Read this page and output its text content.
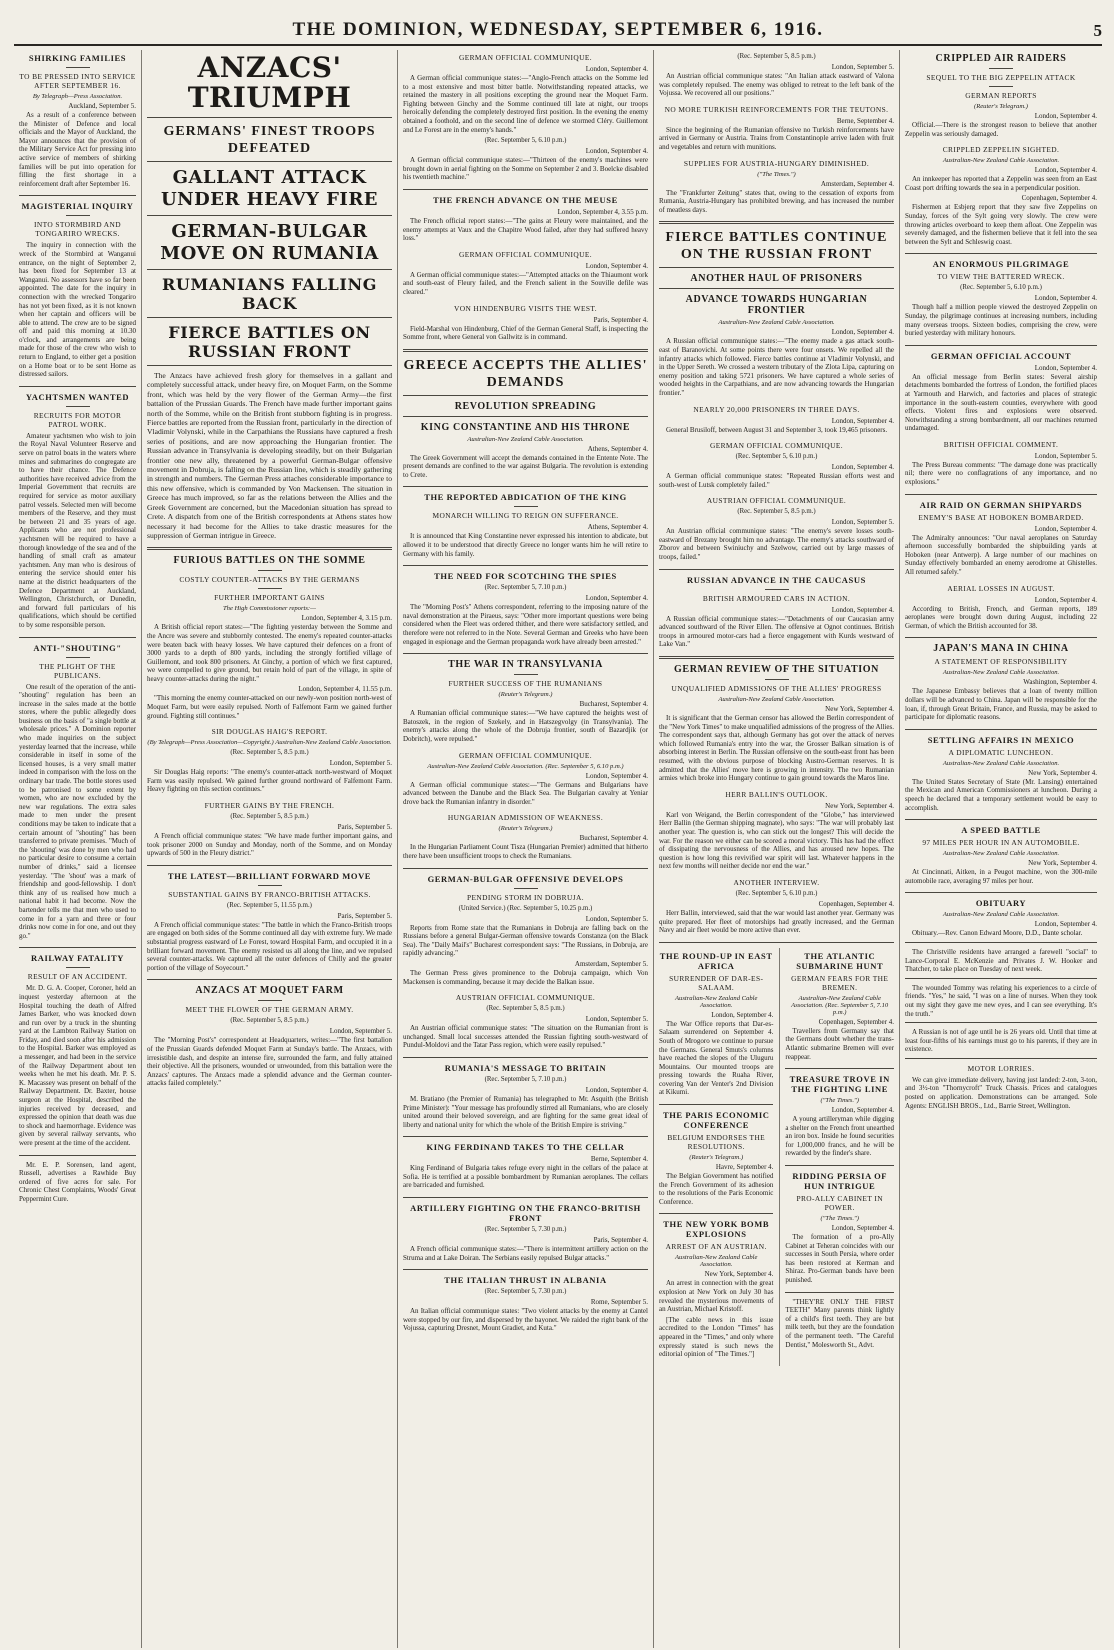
THE DOMINION, WEDNESDAY, SEPTEMBER 6, 1916.	5
SHIRKING FAMILIES
TO BE PRESSED INTO SERVICE AFTER SEPTEMBER 16.
By Telegraph—Press Association.
Auckland, September 5.

As a result of a conference between the Minister of Defence and local officials and the Mayor of Auckland, the Mayor announces that the provision of the Military Service Act for pressing into active service of members of shirking families will be put into operation for filling the first shortage in a reinforcement draft after September 16.

MAGISTERIAL INQUIRY
INTO STORMBIRD AND TONGARIRO WRECKS.

The inquiry in connection with the wreck of the Stormbird at Wanganui entrance, on the night of September 2, has been fixed for September 13 at Wanganui. No assessors have so far been appointed. The date for the inquiry in connection with the wrecked Tongariro has not yet been fixed, as it is not known when her captain and officers will be able to attend. The crew are to be signed off and paid this morning at 10.30 o'clock, and arrangements are being made for those of the crew who wish to return to England, to either get a position on a Home boat or to be sent Home as distressed sailors.

YACHTSMEN WANTED
RECRUITS FOR MOTOR PATROL WORK.

Amateur yachtsmen who wish to join the Royal Naval Volunteer Reserve and serve on patrol boats in the waters where mines and submarines do congregate are to have their chance. The Defence authorities have received advice from the Imperial Government that recruits are required for service as motor auxiliary patrol vessels. Selected men will become members of the Reserve, and they must be between 21 and 35 years of age. Applicants who are not professional yachtsmen will be required to have a thorough knowledge of the sea and of the handling of small craft as amateur yachtsmen. Any man who is desirous of entering the service should enter his name at the district headquarters of the Defence Department at Auckland, Wellington, Christchurch, or Dunedin, and forward full particulars of his qualifications, which should be certified to by some responsible person.

ANTI-"SHOUTING"
THE PLIGHT OF THE PUBLICANS.

One result of the operation of the anti-"shouting" regulation has been an increase in the sales made at the bottle stores, where the public allegedly does business on the basis of "a single bottle at wholesale prices." A Dominion reporter who made inquiries on the subject yesterday learned that the increase, while considerable in itself in some of the licensed houses, is a very small matter indeed in comparison with the loss on the ordinary bar trade. The bottle stores used to be patronised to some extent by women, who are now excluded by the new war regulations. The extra sales made to men under the present conditions may be taken to indicate that a certain amount of "shouting" has been transferred to private premises. "Much of the 'shouting' was done by men who had no particular desire to consume a certain number of drinks," said a licensee yesterday. "The 'shout' was a mark of friendship and good-fellowship. I don't think any of us realised how much a national habit it had become. Now the bartender tells me that men who used to come in for a yarn and three or four drinks now come in for one, and out they go."

RAILWAY FATALITY
RESULT OF AN ACCIDENT.

Mr. D. G. A. Cooper, Coroner, held an inquest yesterday afternoon at the Hospital touching the death of Alfred James Barker, who was knocked down and run over by a truck in the shunting yard at the Lambton Railway Station on Friday, and died soon after his admission to the Hospital. Barker was employed as a messenger, and had been in the service of the Railway Department about ten weeks when he met his death. Mr. P. S. K. Macassey was present on behalf of the Railway Department. Dr. Baxter, house surgeon at the Hospital, described the injuries received by deceased, and expressed the opinion that death was due to shock and haemorrhage. Evidence was given by several railway servants, who were present at the time of the accident.

Mr. E. P. Sorensen, land agent, Russell, advertises a Rawhide Buy ordered of five acres for sale. For Chronic Chest Complaints, Woods' Great Peppermint Cure.

ANZACS' TRIUMPH
GERMANS' FINEST TROOPS DEFEATED
GALLANT ATTACK UNDER HEAVY FIRE
GERMAN-BULGAR MOVE ON RUMANIA
RUMANIANS FALLING BACK
FIERCE BATTLES ON RUSSIAN FRONT

The Anzacs have achieved fresh glory for themselves in a gallant and completely successful attack, under heavy fire, on Moquet Farm, on the Somme front, which was held by the very flower of the German Army—the first battalion of the Prussian Guards. The French have made further important gains north of the Somme, while on the British front stubborn fighting is in progress. Fierce battles are reported from the Russian front, particularly in the direction of Vladimir Volynski, while in the Carpathians the Russians have captured a fresh series of positions, and are now approaching the Hungarian frontier. The Russian advance in Transylvania is developing steadily, but on their Bulgarian frontier one new ally, threatened by a powerful German-Bulgar offensive movement in Dobruja, is falling on the Russian line, which is steadily gathering in strength and numbers. The German Press attaches considerable importance to this new offensive, which is commanded by Von Mackensen. The situation in Greece has much improved, so far as the relations between the Allies and the Greek Government are concerned, but the Macedonian situation has spread to Crete. A dispatch from one of the British correspondents at Athens states how necessary it had become for the Allies to take drastic measures for the suppression of German intrigue in Greece.

FURIOUS BATTLES ON THE SOMME
COSTLY COUNTER-ATTACKS BY THE GERMANS
FURTHER IMPORTANT GAINS
The High Commissioner reports:—
London, September 4, 3.15 p.m.

A British official report states:—"The fighting yesterday between the Somme and the Ancre was severe and stubbornly contested. The enemy's repeated counter-attacks were beaten back with heavy losses. We have captured their defences on a front of 3000 yards to a depth of 800 yards, including the strongly fortified village of Guillemont, and took 800 prisoners. At Ginchy, a portion of which we first captured, we were compelled to give ground, but retain hold of part of the village, in spite of heavy counter-attacks during the night."

London, September 4, 11.55 p.m.

"This morning the enemy counter-attacked on our newly-won position north-west of Moquet Farm, but were easily repulsed. North of Falfemont Farm we gained further ground. Fighting still continues."

SIR DOUGLAS HAIG'S REPORT.
(By Telegraph—Press Association—Copyright.) Australian-New Zealand Cable Association.
(Rec. September 5, 8.5 p.m.)
London, September 5.

Sir Douglas Haig reports: "The enemy's counter-attack north-westward of Moquet Farm was easily repulsed. We gained further ground northward of Falfemont Farm. Heavy fighting on this section continues."

FURTHER GAINS BY THE FRENCH.
(Rec. September 5, 8.5 p.m.)
Paris, September 5.

A French official communique states: "We have made further important gains, and took prisoner 2000 on Sunday and Monday, north of the Somme, and on Monday upwards of 500 in the Fleury district."

THE LATEST—BRILLIANT FORWARD MOVE
SUBSTANTIAL GAINS BY FRANCO-BRITISH ATTACKS.
(Rec. September 5, 11.55 p.m.)
Paris, September 5.

A French official communique states: "The battle in which the Franco-British troops are engaged on both sides of the Somme continued all day with extreme fury. We made substantial progress eastward of Le Forest, toward Hospital Farm, and occupied it in a brilliant forward movement. The enemy resisted us all along the line, and we repulsed several counter-attacks. We captured all the outer defences of Chilly and the greater portion of the village of Soyecourt."

ANZACS AT MOQUET FARM
MEET THE FLOWER OF THE GERMAN ARMY.
(Rec. September 5, 8.5 p.m.)
London, September 5.

The "Morning Post's" correspondent at Headquarters, writes:—"The first battalion of the Prussian Guards defended Moquet Farm at Sunday's battle. The Anzacs, with irresistible dash, and despite an intense fire, surrounded the farm, and fully attained their objective. All the prisoners, wounded or unwounded, from this battalion were the Anzacs' captures. The Anzacs made a splendid advance and the German counter-attacks failed completely."

GERMAN OFFICIAL COMMUNIQUE.
London, September 4.

A German official communique states:—"Anglo-French attacks on the Somme led to a most extensive and most bitter battle. Notwithstanding repeated attacks, we retained the mastery in all positions excepting the ground near the Moquet Farm. Fighting between Ginchy and the Somme continued till late at night, our troops heroically defending the completely destroyed first position. In the evening the enemy obtained a foothold, and on the second line of defence we stormed Cléry. Guillemont and Le Forest are in the enemy's hands."

(Rec. September 5, 6.10 p.m.)
London, September 4.

A German official communique states:—"Thirteen of the enemy's machines were brought down in aerial fighting on the Somme on September 2 and 3. Boelcke disabled his twentieth machine."

THE FRENCH ADVANCE ON THE MEUSE
London, September 4, 3.55 p.m.

The French official report states:—"The gains at Fleury were maintained, and the enemy attempts at Vaux and the Chapitre Wood failed, after they had suffered heavy loss."

GERMAN OFFICIAL COMMUNIQUE.
London, September 4.

A German official communique states:—"Attempted attacks on the Thiaumont work and south-east of Fleury failed, and the French salient in the Souville defile was cleared."

VON HINDENBURG VISITS THE WEST.
Paris, September 4.

Field-Marshal von Hindenburg, Chief of the German General Staff, is inspecting the Somme front, where General von Gallwitz is in command.

GREECE ACCEPTS THE ALLIES' DEMANDS
REVOLUTION SPREADING
KING CONSTANTINE AND HIS THRONE
Australian-New Zealand Cable Association.
Athens, September 4.

The Greek Government will accept the demands contained in the Entente Note. The present demands are confined to the war against Bulgaria. The revolution is extending to Crete.

THE REPORTED ABDICATION OF THE KING
MONARCH WILLING TO REIGN ON SUFFERANCE.
Athens, September 4.

It is announced that King Constantine never expressed his intention to abdicate, but allowed it to be understood that directly Greece no longer wants him he will retire to Germany with his family.

THE NEED FOR SCOTCHING THE SPIES
(Rec. September 5, 7.10 p.m.)
London, September 4.

The "Morning Post's" Athens correspondent, referring to the imposing nature of the naval demonstration at the Piraeus, says: "Other more important questions were being considered when the Fleet was ordered thither, and there were satisfactory settled, and therefore were not referred to in the Note. Several German and Greeks who have been engaged in espionage and the German propaganda work have already been arrested."

THE WAR IN TRANSYLVANIA
FURTHER SUCCESS OF THE RUMANIANS
(Reuter's Telegram.)
Bucharest, September 4.

A Rumanian official communique states:—"We have captured the heights west of Batoszek, in the region of Szekely, and in Hatszegvolgy (in Transylvania). The enemy's attacks along the whole of the Dobruja frontier, south of Bazardjik (or Dobritch), were repulsed."

GERMAN OFFICIAL COMMUNIQUE.
Australian-New Zealand Cable Association. (Rec. September 5, 6.10 p.m.)
London, September 4.

A German official communique states:—"The Germans and Bulgarians have advanced between the Danube and the Black Sea. The Bulgarian cavalry at Yeniar drove back the Rumanian infantry in disorder."

HUNGARIAN ADMISSION OF WEAKNESS.
(Reuter's Telegram.)
Bucharest, September 4.

In the Hungarian Parliament Count Tisza (Hungarian Premier) admitted that hitherto there have been unsufficient troops to check the Rumanians.

GERMAN-BULGAR OFFENSIVE DEVELOPS
PENDING STORM IN DOBRUJA.
(United Service.) (Rec. September 5, 10.25 p.m.)
London, September 5.

Reports from Rome state that the Rumanians in Dobruja are falling back on the Russians before a general Bulgar-German offensive towards Constanza (on the Black Sea). The "Daily Mail's" Bucharest correspondent says: "The Russians, in Dobruja, are rapidly advancing."

Amsterdam, September 5.

The German Press gives prominence to the Dobruja campaign, which Von Mackensen is commanding, because it may decide the Balkan issue.

AUSTRIAN OFFICIAL COMMUNIQUE.
(Rec. September 5, 8.5 p.m.)
London, September 5.

An Austrian official communique states: "The situation on the Rumanian front is unchanged. Small local successes attended the Russian fighting south-westward of Pundul-Moldovi and the Tatar Pass region, which were easily repulsed."

RUMANIA'S MESSAGE TO BRITAIN
(Rec. September 5, 7.10 p.m.)
London, September 4.

M. Bratiano (the Premier of Rumania) has telegraphed to Mr. Asquith (the British Prime Minister): "Your message has profoundly stirred all Rumanians, who are closely united around their beloved sovereign, and are fighting for the same great ideal of liberty and national unity for which the whole of the British Empire is striving."

KING FERDINAND TAKES TO THE CELLAR
Berne, September 4.

King Ferdinand of Bulgaria takes refuge every night in the cellars of the palace at Sofia. He is terrified at a possible bombardment by Rumanian aeroplanes. The cellars are barricaded and furnished.

ARTILLERY FIGHTING ON THE FRANCO-BRITISH FRONT
(Rec. September 5, 7.30 p.m.)
Paris, September 4.

A French official communique states:—"There is intermittent artillery action on the Struma and at Lake Doiran. The Serbians easily repulsed Bulgar attacks."

THE ITALIAN THRUST IN ALBANIA
(Rec. September 5, 7.30 p.m.)
Rome, September 5.

An Italian official communique states: "Two violent attacks by the enemy at Cantel were stopped by our fire, and dispersed by the bayonet. We raided the right bank of the Vojussa, capturing Dresnet, Mount Gradiet, and Kuta."

(Rec. September 5, 8.5 p.m.)
London, September 5.

An Austrian official communique states: "An Italian attack eastward of Valona was completely repulsed. The enemy was obliged to retreat to the left bank of the Vojussa. We recovered all our positions."

NO MORE TURKISH REINFORCEMENTS FOR THE TEUTONS.
Berne, September 4.

Since the beginning of the Rumanian offensive no Turkish reinforcements have arrived in Germany or Austria. Trains from Constantinople arrive laden with fruit and vegetables and return with munitions.

SUPPLIES FOR AUSTRIA-HUNGARY DIMINISHED.
("The Times.")
Amsterdam, September 4.

The "Frankfurter Zeitung" states that, owing to the cessation of exports from Rumania, Austria-Hungary has prohibited brewing, and has increased the number of meatless days.

FIERCE BATTLES CONTINUE ON THE RUSSIAN FRONT
ANOTHER HAUL OF PRISONERS
ADVANCE TOWARDS HUNGARIAN FRONTIER
Australian-New Zealand Cable Association.
London, September 4.

A Russian official communique states:—"The enemy made a gas attack south-east of Baranovichi. At some points there were four onsets. We repelled all the infantry attacks which followed. Fierce battles continue at Vladimir Volynski, and in the Upper Sereth. We crossed a western tributary of the Zlota Lipa, capturing on enemy position and taking 5721 prisoners. We have captured a whole series of wooded heights in the Carpathians, and are now advancing towards the Hungarian frontier."

NEARLY 20,000 PRISONERS IN THREE DAYS.
London, September 4.

General Brusiloff, between August 31 and September 3, took 19,465 prisoners.

GERMAN OFFICIAL COMMUNIQUE.
(Rec. September 5, 6.10 p.m.)
London, September 4.

A German official communique states: "Repeated Russian efforts west and south-west of Lutsk completely failed."

AUSTRIAN OFFICIAL COMMUNIQUE.
(Rec. September 5, 8.5 p.m.)
London, September 5.

An Austrian official communique states: "The enemy's severe losses south-eastward of Brezany brought him no advantage. The enemy's attacks southward of Zborov and between Swiniuchy and Szelwow, carried out by large masses of troops, failed."

RUSSIAN ADVANCE IN THE CAUCASUS
BRITISH ARMOURED CARS IN ACTION.
London, September 4.

A Russian official communique states:—"Detachments of our Caucasian army advanced southward of the River Ellen. The offensive at Ognot continues. British troops in armoured motor-cars had a fierce engagement with Kurds westward of Lake Van."

GERMAN REVIEW OF THE SITUATION
UNQUALIFIED ADMISSIONS OF THE ALLIES' PROGRESS
Australian-New Zealand Cable Association.
New York, September 4.

It is significant that the German censor has allowed the Berlin correspondent of the "New York Times" to make unqualified admissions of the progress of the Allies. The correspondent says that, although Germany has got over the attack of nerves which followed Rumania's entry into the war, the Grosser Balkan situation is of absorbing interest in Berlin. The Russian offensive on the south-east front has been resumed, with the obvious purpose of blocking Austro-German reserves. It is admitted that the Allies' move here is growing in intensity. The two Rumanian armies which broke into Hungary continue to gain ground towards the Maros line.

HERR BALLIN'S OUTLOOK.
New York, September 4.

Karl von Weigand, the Berlin correspondent of the "Globe," has interviewed Herr Ballin (the German shipping magnate), who says: "The war will probably last another year. The question is, who can stick out the longest? This will decide the war. For the reason we either can be scored a moral victory. This has had the effect of dissipating the nervousness of the Allies, and has aroused new hopes. The question is how long this revivified war spirit will last. Whatever happens in the next few months will neither decide nor end the war."

ANOTHER INTERVIEW.
(Rec. September 5, 6.10 p.m.)
Copenhagen, September 4.

Herr Ballin, interviewed, said that the war would last another year. Germany was quite prepared. Her fleet of motorships had greatly increased, and the German Navy and air fleet would be more active than ever.

THE ROUND-UP IN EAST AFRICA
SURRENDER OF DAR-ES-SALAAM.
Australian-New Zealand Cable Association.
London, September 4.

The War Office reports that Dar-es-Salaam surrendered on September 4. South of Mrogoro we continue to pursue the Germans. General Smuts's columns have reached the slopes of the Uluguru Mountains. Our mounted troops are pressing towards the Ruaha River, covering Van der Venter's 2nd Division at Kikumi.

THE PARIS ECONOMIC CONFERENCE
BELGIUM ENDORSES THE RESOLUTIONS.
(Reuter's Telegram.)
Havre, September 4.

The Belgian Government has notified the French Government of its adhesion to the resolutions of the Paris Economic Conference.

THE NEW YORK BOMB EXPLOSIONS
ARREST OF AN AUSTRIAN.
Australian-New Zealand Cable Association.
New York, September 4.

An arrest in connection with the great explosion at New York on July 30 has revealed the mysterious movements of an Austrian, Michael Kristoff.

[The cable news in this issue accredited to the London "Times" has appeared in the "Times," and only where expressly stated is such news the editorial opinion of "The Times."]

THE ATLANTIC SUBMARINE HUNT
GERMAN FEARS FOR THE BREMEN.
Australian-New Zealand Cable Association. (Rec. September 5, 7.10 p.m.)
Copenhagen, September 4.

Travellers from Germany say that the Germans doubt whether the trans-Atlantic submarine Bremen will ever reappear.

TREASURE TROVE IN THE FIGHTING LINE
("The Times.")
London, September 4.

A young artilleryman while digging a shelter on the French front unearthed an iron box. Inside he found securities for 1,000,000 francs, and he will be rewarded by the finder's share.

RIDDING PERSIA OF HUN INTRIGUE
PRO-ALLY CABINET IN POWER.
("The Times.")
London, September 4.

The formation of a pro-Ally Cabinet at Teheran coincides with our successes in South Persia, where order has been restored at Kerman and Shiraz. Pro-German bands have been punished.

"THEY'RE ONLY THE FIRST TEETH" Many parents think lightly of a child's first teeth. They are but milk teeth, but they are the foundation of the permanent teeth. "The Careful Dentist," Molesworth St., Advt.

CRIPPLED AIR RAIDERS
SEQUEL TO THE BIG ZEPPELIN ATTACK
GERMAN REPORTS
(Reuter's Telegram.)
London, September 4.

Official.—There is the strongest reason to believe that another Zeppelin was seriously damaged.

CRIPPLED ZEPPELIN SIGHTED.
Australian-New Zealand Cable Association.
London, September 4.

An innkeeper has reported that a Zeppelin was seen from an East Coast port drifting towards the sea in a perpendicular position.

Copenhagen, September 4.

Fishermen at Esbjerg report that they saw five Zeppelins on Sunday, forces of the Sylt going very slowly. The crew were throwing articles overboard to keep them afloat. One Zeppelin was severely damaged, and the fishermen believe that it fell into the sea between the Sylt and Schleswig coast.

AN ENORMOUS PILGRIMAGE
TO VIEW THE BATTERED WRECK.
(Rec. September 5, 6.10 p.m.)
London, September 4.

Though half a million people viewed the destroyed Zeppelin on Sunday, the pilgrimage continues at increasing numbers, including many overseas troops. Sixteen bodies, comprising the crew, were buried yesterday with military honours.

GERMAN OFFICIAL ACCOUNT
London, September 4.

An official message from Berlin states: Several airship detachments bombarded the fortress of London, the fortified places at Yarmouth and Harwich, and factories and places of strategic importance in the south-eastern counties, everywhere with good effects. Violent fires and explosions were observed. Notwithstanding a strong bombardment, all our machines returned undamaged.

BRITISH OFFICIAL COMMENT.
London, September 5.

The Press Bureau comments: "The damage done was practically nil; there were no conflagrations of any importance, and no explosions."

AIR RAID ON GERMAN SHIPYARDS
ENEMY'S BASE AT HOBOKEN BOMBARDED.
London, September 4.

The Admiralty announces: "Our naval aeroplanes on Saturday afternoon successfully bombarded the shipbuilding yards at Hoboken (near Antwerp). A large number of our machines on Sunday effectively bombarded an enemy aerodrome at Ghistelles. All returned safely."

AERIAL LOSSES IN AUGUST.
London, September 4.

According to British, French, and German reports, 189 aeroplanes were brought down during August, including 22 German, of which the British accounted for 38.

JAPAN'S MANA IN CHINA
A STATEMENT OF RESPONSIBILITY
Australian-New Zealand Cable Association.
Washington, September 4.

The Japanese Embassy believes that a loan of twenty million dollars will be advanced to China. Japan will be responsible for the loan, if, through Great Britain, France, and Russia, may be asked to participate for diplomatic reasons.

SETTLING AFFAIRS IN MEXICO
A DIPLOMATIC LUNCHEON.
Australian-New Zealand Cable Association.
New York, September 4.

The United States Secretary of State (Mr. Lansing) entertained the Mexican and American Commissioners at luncheon. During a speech he declared that a temporary settlement would be easy to accomplish.

A SPEED BATTLE
97 MILES PER HOUR IN AN AUTOMOBILE.
Australian-New Zealand Cable Association.
New York, September 4.

At Cincinnati, Aitken, in a Peugot machine, won the 300-mile automobile race, averaging 97 miles per hour.

OBITUARY
Australian-New Zealand Cable Association.
London, September 4.

Obituary.—Rev. Canon Edward Moore, D.D., Dante scholar.

The Christville residents have arranged a farewell "social" to Lance-Corporal E. McKenzie and Privates J. W. Hooker and Thatcher, to take place on Tuesday of next week.

The wounded Tommy was relating his experiences to a circle of friends. "Yes," he said, "I was on a line of nurses. When they took out my sight they gave me new eyes, and I can see everything. It's the truth."

A Russian is not of age until he is 26 years old. Until that time at least four-fifths of his earnings must go to his parents, if they are in existence.

MOTOR LORRIES.

We can give immediate delivery, having just landed: 2-ton, 3-ton, and 3½-ton "Thornycroft" Truck Chassis. Prices and catalogues posted on application. Demonstrations can be arranged. Sole Agents: ENGLISH BROS., Ltd., Barrie Street, Wellington.
